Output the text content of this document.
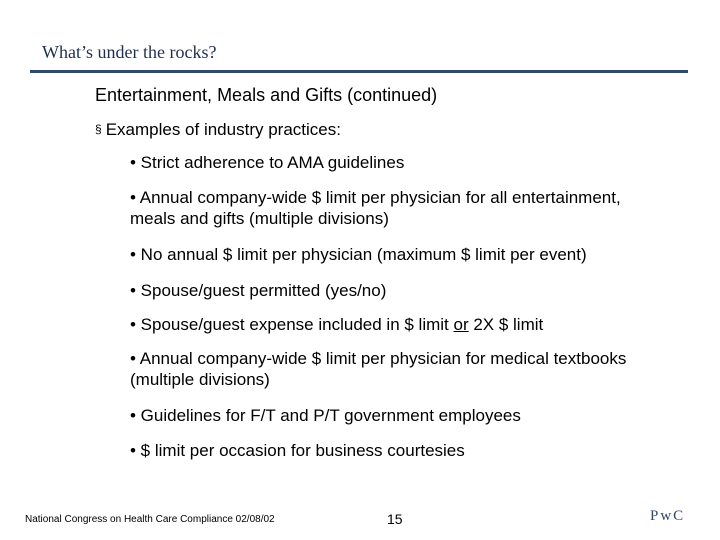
What’s under the rocks?
Entertainment, Meals and Gifts (continued)
§ Examples of industry practices:
• Strict adherence to AMA guidelines
• Annual company-wide $ limit per physician for all entertainment, meals and gifts (multiple divisions)
• No annual $ limit per physician (maximum $ limit per event)
• Spouse/guest permitted (yes/no)
• Spouse/guest expense included in $ limit or 2X $ limit
• Annual company-wide $ limit per physician for medical textbooks (multiple divisions)
• Guidelines for F/T and P/T government employees
• $ limit per occasion for business courtesies
National Congress on Health Care Compliance 02/08/02	15	PwC
